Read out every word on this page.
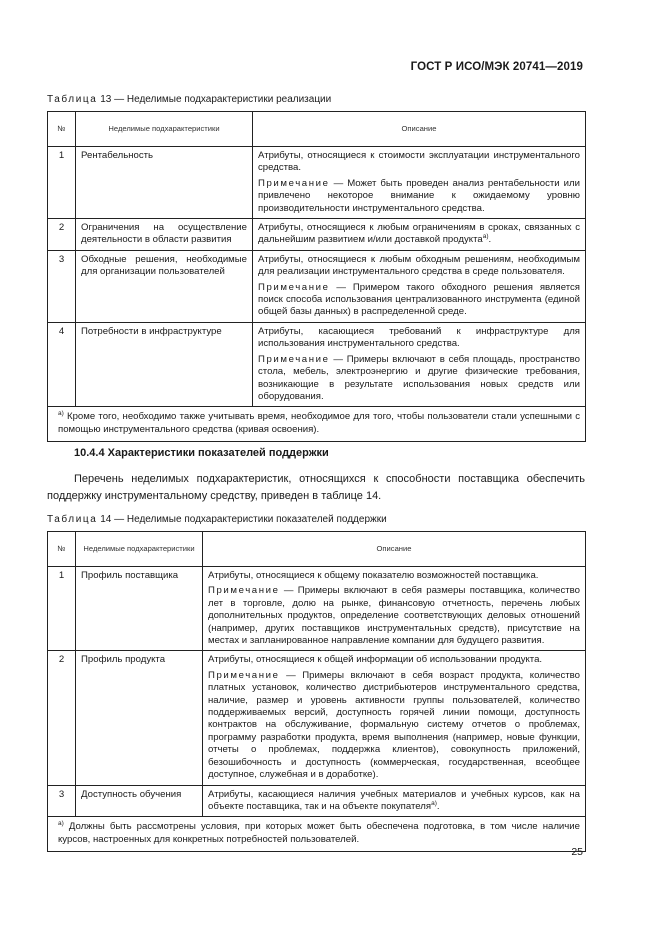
ГОСТ Р ИСО/МЭК 20741—2019
Таблица 13 — Неделимые подхарактеристики реализации
№	Неделимые подхарактеристики	Описание
1	Рентабельность	Атрибуты, относящиеся к стоимости эксплуатации инструментального средства.

Примечание — Может быть проведен анализ рентабельности или привлечено некоторое внимание к ожидаемому уровню производительности инструментального средства.

2	Ограничения на осуществление деятельности в области развития	Атрибуты, относящиеся к любым ограничениям в сроках, связанных с дальнейшим развитием и/или доставкой продукта$^{a)}$.

3	Обходные решения, необходимые для организации пользователей	Атрибуты, относящиеся к любым обходным решениям, необходимым для реализации инструментального средства в среде пользователя.

Примечание — Примером такого обходного решения является поиск способа использования централизованного инструмента (единой общей базы данных) в распределенной среде.

4	Потребности в инфраструктуре	Атрибуты, касающиеся требований к инфраструктуре для использования инструментального средства.

Примечание — Примеры включают в себя площадь, пространство стола, мебель, электроэнергию и другие физические требования, возникающие в результате использования новых средств или оборудования.

$^{a)}$ Кроме того, необходимо также учитывать время, необходимое для того, чтобы пользователи стали успешными с помощью инструментального средства (кривая освоения).		
10.4.4 Характеристики показателей поддержки

Перечень неделимых подхарактеристик, относящихся к способности поставщика обеспечить поддержку инструментальному средству, приведен в таблице 14.

Таблица 14 — Неделимые подхарактеристики показателей поддержки
№	Неделимые подхарактеристики	Описание
1	Профиль поставщика	Атрибуты, относящиеся к общему показателю возможностей поставщика.

Примечание — Примеры включают в себя размеры поставщика, количество лет в торговле, долю на рынке, финансовую отчетность, перечень любых дополнительных продуктов, определение соответствующих деловых отношений (например, других поставщиков инструментальных средств), присутствие на местах и запланированное направление компании для будущего развития.

2	Профиль продукта	Атрибуты, относящиеся к общей информации об использовании продукта.

Примечание — Примеры включают в себя возраст продукта, количество платных установок, количество дистрибьютеров инструментального средства, наличие, размер и уровень активности группы пользователей, количество поддерживаемых версий, доступность горячей линии помощи, доступность контрактов на обслуживание, формальную систему отчетов о проблемах, программу разработки продукта, время выполнения (например, новые функции, отчеты о проблемах, поддержка клиентов), совокупность приложений, безошибочность и доступность (коммерческая, государственная, всеобщее доступное, служебная и в доработке).

3	Доступность обучения	Атрибуты, касающиеся наличия учебных материалов и учебных курсов, как на объекте поставщика, так и на объекте покупателя$^{a)}$.

$^{a)}$ Должны быть рассмотрены условия, при которых может быть обеспечена подготовка, в том числе наличие курсов, настроенных для конкретных потребностей пользователей.		
25
